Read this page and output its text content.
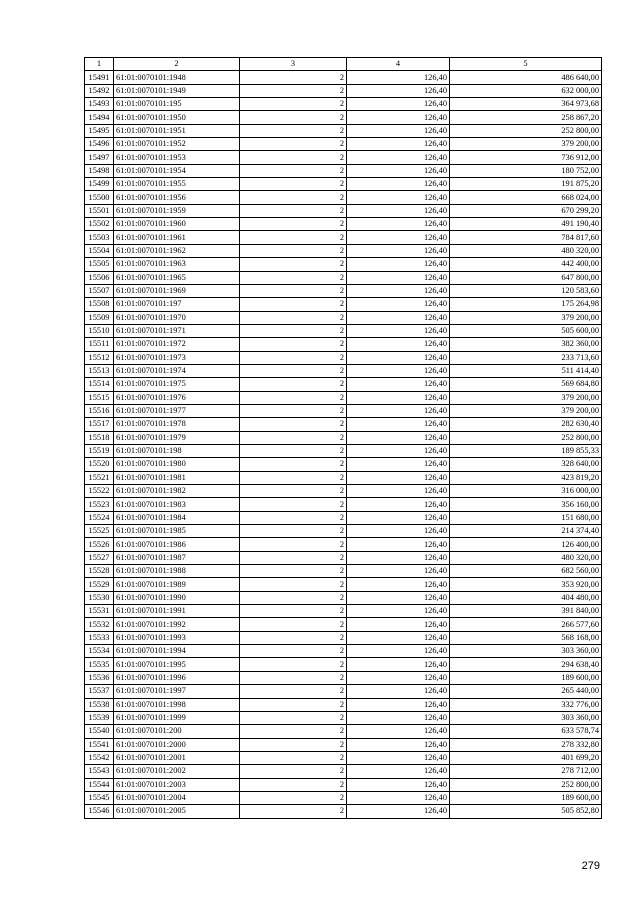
1	2	3	4	5
15491	61:01:0070101:1948	2	126,40	486 640,00
15492	61:01:0070101:1949	2	126,40	632 000,00
15493	61:01:0070101:195	2	126,40	364 973,68
15494	61:01:0070101:1950	2	126,40	258 867,20
15495	61:01:0070101:1951	2	126,40	252 800,00
15496	61:01:0070101:1952	2	126,40	379 200,00
15497	61:01:0070101:1953	2	126,40	736 912,00
15498	61:01:0070101:1954	2	126,40	180 752,00
15499	61:01:0070101:1955	2	126,40	191 875,20
15500	61:01:0070101:1956	2	126,40	668 024,00
15501	61:01:0070101:1959	2	126,40	670 299,20
15502	61:01:0070101:1960	2	126,40	491 190,40
15503	61:01:0070101:1961	2	126,40	784 817,60
15504	61:01:0070101:1962	2	126,40	480 320,00
15505	61:01:0070101:1963	2	126,40	442 400,00
15506	61:01:0070101:1965	2	126,40	647 800,00
15507	61:01:0070101:1969	2	126,40	120 583,60
15508	61:01:0070101:197	2	126,40	175 264,98
15509	61:01:0070101:1970	2	126,40	379 200,00
15510	61:01:0070101:1971	2	126,40	505 600,00
15511	61:01:0070101:1972	2	126,40	382 360,00
15512	61:01:0070101:1973	2	126,40	233 713,60
15513	61:01:0070101:1974	2	126,40	511 414,40
15514	61:01:0070101:1975	2	126,40	569 684,80
15515	61:01:0070101:1976	2	126,40	379 200,00
15516	61:01:0070101:1977	2	126,40	379 200,00
15517	61:01:0070101:1978	2	126,40	282 630,40
15518	61:01:0070101:1979	2	126,40	252 800,00
15519	61:01:0070101:198	2	126,40	189 855,33
15520	61:01:0070101:1980	2	126,40	328 640,00
15521	61:01:0070101:1981	2	126,40	423 819,20
15522	61:01:0070101:1982	2	126,40	316 000,00
15523	61:01:0070101:1983	2	126,40	356 160,00
15524	61:01:0070101:1984	2	126,40	151 680,00
15525	61:01:0070101:1985	2	126,40	214 374,40
15526	61:01:0070101:1986	2	126,40	126 400,00
15527	61:01:0070101:1987	2	126,40	480 320,00
15528	61:01:0070101:1988	2	126,40	682 560,00
15529	61:01:0070101:1989	2	126,40	353 920,00
15530	61:01:0070101:1990	2	126,40	404 480,00
15531	61:01:0070101:1991	2	126,40	391 840,00
15532	61:01:0070101:1992	2	126,40	266 577,60
15533	61:01:0070101:1993	2	126,40	568 168,00
15534	61:01:0070101:1994	2	126,40	303 360,00
15535	61:01:0070101:1995	2	126,40	294 638,40
15536	61:01:0070101:1996	2	126,40	189 600,00
15537	61:01:0070101:1997	2	126,40	265 440,00
15538	61:01:0070101:1998	2	126,40	332 776,00
15539	61:01:0070101:1999	2	126,40	303 360,00
15540	61:01:0070101:200	2	126,40	633 578,74
15541	61:01:0070101:2000	2	126,40	278 332,80
15542	61:01:0070101:2001	2	126,40	401 699,20
15543	61:01:0070101:2002	2	126,40	278 712,00
15544	61:01:0070101:2003	2	126,40	252 800,00
15545	61:01:0070101:2004	2	126,40	189 600,00
15546	61:01:0070101:2005	2	126,40	505 852,80
279
